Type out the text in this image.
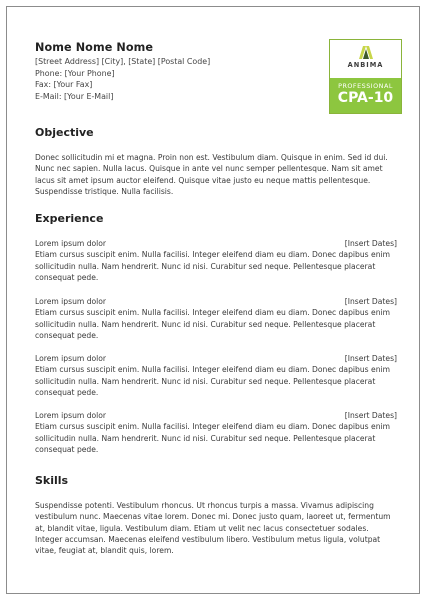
Nome Nome Nome
[Street Address] [City], [State] [Postal Code]
Phone: [Your Phone]
Fax: [Your Fax]
E-Mail: [Your E-Mail]
ANBIMA
PROFESSIONAL
CPA-10
Objective
Donec sollicitudin mi et magna. Proin non est. Vestibulum diam. Quisque in enim. Sed id dui. Nunc nec sapien. Nulla lacus. Quisque in ante vel nunc semper pellentesque. Nam sit amet lacus sit amet ipsum auctor eleifend. Quisque vitae justo eu neque mattis pellentesque. Suspendisse tristique. Nulla facilisis.
Experience
Lorem ipsum dolor	[Insert Dates]
Etiam cursus suscipit enim. Nulla facilisi. Integer eleifend diam eu diam. Donec dapibus enim sollicitudin nulla. Nam hendrerit. Nunc id nisi. Curabitur sed neque. Pellentesque placerat consequat pede.
Lorem ipsum dolor	[Insert Dates]
Etiam cursus suscipit enim. Nulla facilisi. Integer eleifend diam eu diam. Donec dapibus enim sollicitudin nulla. Nam hendrerit. Nunc id nisi. Curabitur sed neque. Pellentesque placerat consequat pede.
Lorem ipsum dolor	[Insert Dates]
Etiam cursus suscipit enim. Nulla facilisi. Integer eleifend diam eu diam. Donec dapibus enim sollicitudin nulla. Nam hendrerit. Nunc id nisi. Curabitur sed neque. Pellentesque placerat consequat pede.
Lorem ipsum dolor	[Insert Dates]
Etiam cursus suscipit enim. Nulla facilisi. Integer eleifend diam eu diam. Donec dapibus enim sollicitudin nulla. Nam hendrerit. Nunc id nisi. Curabitur sed neque. Pellentesque placerat consequat pede.
Skills
Suspendisse potenti. Vestibulum rhoncus. Ut rhoncus turpis a massa. Vivamus adipiscing vestibulum nunc. Maecenas vitae lorem. Donec mi. Donec justo quam, laoreet ut, fermentum at, blandit vitae, ligula. Vestibulum diam. Etiam ut velit nec lacus consectetuer sodales. Integer accumsan. Maecenas eleifend vestibulum libero. Vestibulum metus ligula, volutpat vitae, feugiat at, blandit quis, lorem.
